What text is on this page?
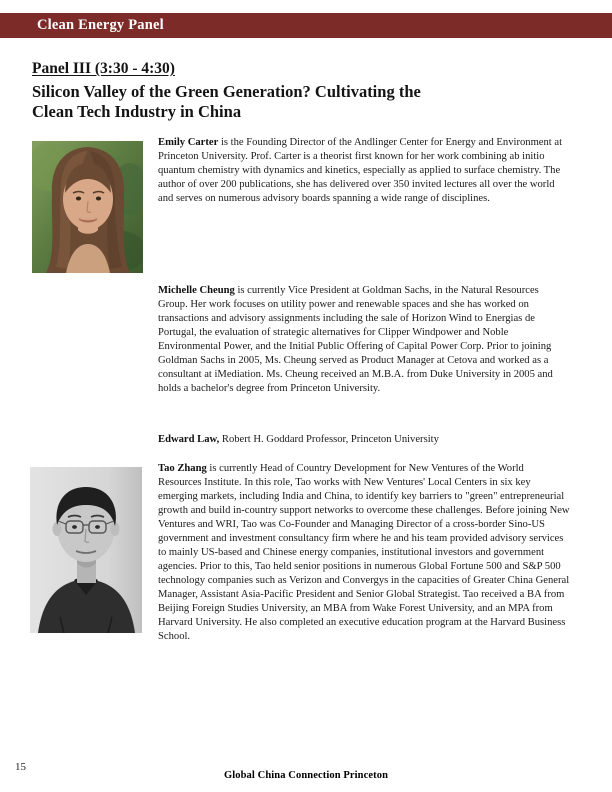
Clean Energy Panel
Panel III (3:30 - 4:30)
Silicon Valley of the Green Generation? Cultivating the
Clean Tech Industry in China

Emily Carter is the Founding Director of the Andlinger Center for Energy and Environment at Princeton University. Prof. Carter is a theorist first known for her work combining ab initio quantum chemistry with dynamics and kinetics, especially as applied to surface chemistry. The author of over 200 publications, she has delivered over 350 invited lectures all over the world and serves on numerous advisory boards spanning a wide range of disciplines.

Michelle Cheung is currently Vice President at Goldman Sachs, in the Natural Resources Group. Her work focuses on utility power and renewable spaces and she has worked on transactions and advisory assignments including the sale of Horizon Wind to Energias de Portugal, the evaluation of strategic alternatives for Clipper Windpower and Noble Environmental Power, and the Initial Public Offering of Capital Power Corp. Prior to joining Goldman Sachs in 2005, Ms. Cheung served as Product Manager at Cetova and worked as a consultant at iMediation. Ms. Cheung received an M.B.A. from Duke University in 2005 and holds a bachelor's degree from Princeton University.

Edward Law, Robert H. Goddard Professor, Princeton University

Tao Zhang is currently Head of Country Development for New Ventures of the World Resources Institute. In this role, Tao works with New Ventures' Local Centers in six key emerging markets, including India and China, to identify key barriers to "green" entrepreneurial growth and build in-country support networks to overcome these challenges. Before joining New Ventures and WRI, Tao was Co-Founder and Managing Director of a cross-border Sino-US government and investment consultancy firm where he and his team provided advisory services to mainly US-based and Chinese energy companies, institutional investors and government agencies. Prior to this, Tao held senior positions in numerous Global Fortune 500 and S&P 500 technology companies such as Verizon and Convergys in the capacities of Greater China General Manager, Assistant Asia-Pacific President and Senior Global Strategist. Tao received a BA from Beijing Foreign Studies University, an MBA from Wake Forest University, and an MPA from Harvard University. He also completed an executive education program at the Harvard Business School.

15
Global China Connection Princeton
